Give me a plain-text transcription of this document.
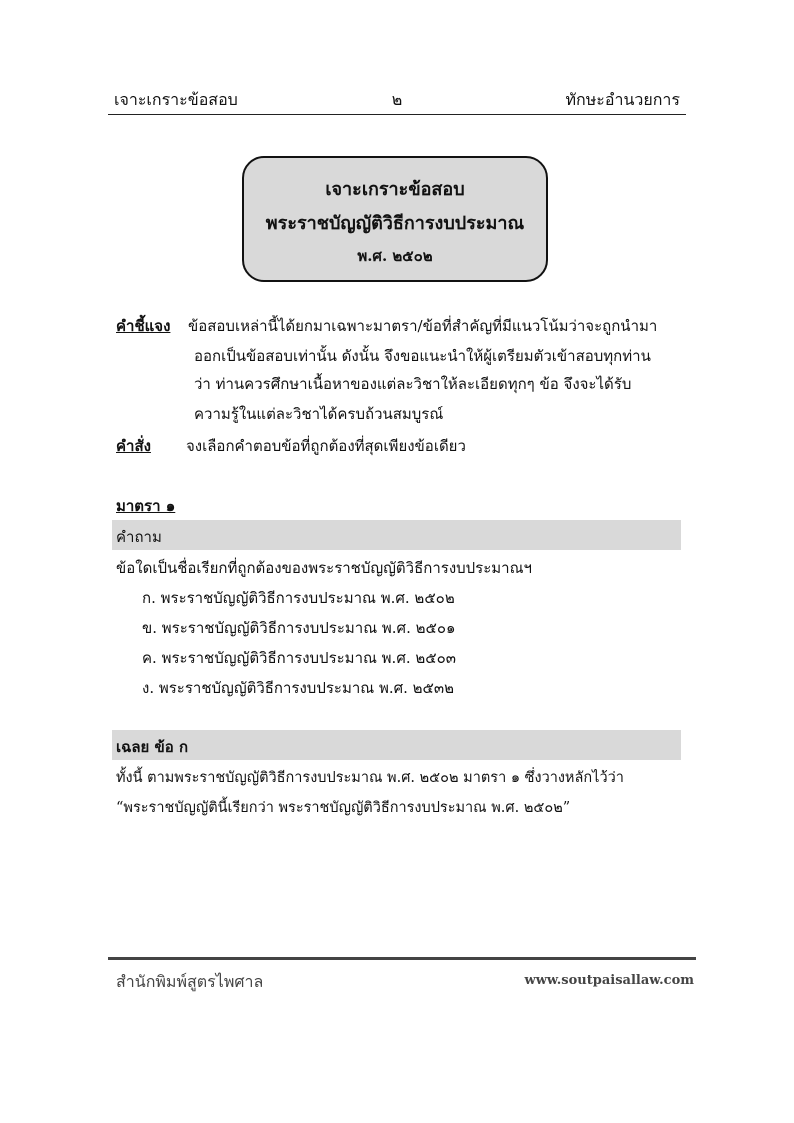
เจาะเกราะข้อสอบ	๒	ทักษะอำนวยการ
เจาะเกราะข้อสอบ
พระราชบัญญัติวิธีการงบประมาณ
พ.ศ. ๒๕๐๒
คำชี้แจง ข้อสอบเหล่านี้ได้ยกมาเฉพาะมาตรา/ข้อที่สำคัญที่มีแนวโน้มว่าจะถูกนำมา
ออกเป็นข้อสอบเท่านั้น ดังนั้น จึงขอแนะนำให้ผู้เตรียมตัวเข้าสอบทุกท่าน
ว่า ท่านควรศึกษาเนื้อหาของแต่ละวิชาให้ละเอียดทุกๆ ข้อ จึงจะได้รับ
ความรู้ในแต่ละวิชาได้ครบถ้วนสมบูรณ์
คำสั่ง จงเลือกคำตอบข้อที่ถูกต้องที่สุดเพียงข้อเดียว
มาตรา ๑
คำถาม
ข้อใดเป็นชื่อเรียกที่ถูกต้องของพระราชบัญญัติวิธีการงบประมาณฯ
ก. พระราชบัญญัติวิธีการงบประมาณ พ.ศ. ๒๕๐๒
ข. พระราชบัญญัติวิธีการงบประมาณ พ.ศ. ๒๕๐๑
ค. พระราชบัญญัติวิธีการงบประมาณ พ.ศ. ๒๕๐๓
ง. พระราชบัญญัติวิธีการงบประมาณ พ.ศ. ๒๕๓๒
เฉลย ข้อ ก
ทั้งนี้ ตามพระราชบัญญัติวิธีการงบประมาณ พ.ศ. ๒๕๐๒ มาตรา ๑ ซึ่งวางหลักไว้ว่า
“พระราชบัญญัตินี้เรียกว่า พระราชบัญญัติวิธีการงบประมาณ พ.ศ. ๒๕๐๒”
สำนักพิมพ์สูตรไพศาล	www.soutpaisallaw.com
